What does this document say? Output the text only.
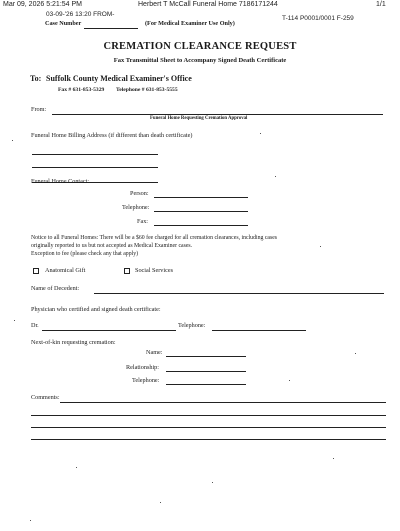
Mar 09, 2026 5:21:54 PM	Herbert T McCall Funeral Home 7186171244	1/1
03-09-'26 13:20 FROM-
T-114 P0001/0001 F-259
Case Number	(For Medical Examiner Use Only)
CREMATION CLEARANCE REQUEST
Fax Transmittal Sheet to Accompany Signed Death Certificate
To: Suffolk County Medical Examiner's Office
Fax # 631-853-5329 Telephone # 631-853-5555
From:
Funeral Home Requesting Cremation Approval
Funeral Home Billing Address (if different than death certificate)
Funeral Home Contact:
Person:
Telephone:
Fax:
Notice to all Funeral Homes: There will be a $60 fee charged for all cremation clearances, including cases
originally reported to us but not accepted as Medical Examiner cases.
Exception to fee (please check any that apply)
Anatomical Gift	Social Services
Name of Decedent:
Physician who certified and signed death certificate:
Dr.	Telephone:
Next-of-kin requesting cremation:
Name:
Relationship:
Telephone:
Comments:
